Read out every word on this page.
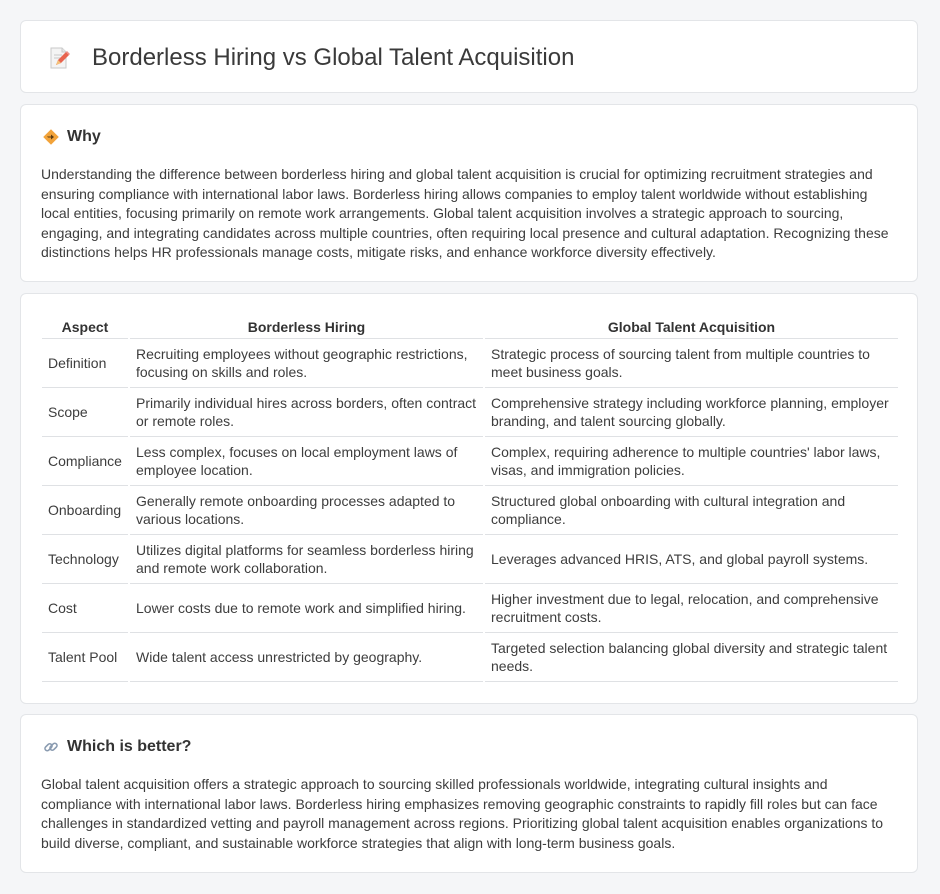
Borderless Hiring vs Global Talent Acquisition
Why

Understanding the difference between borderless hiring and global talent acquisition is crucial for optimizing recruitment strategies and ensuring compliance with international labor laws. Borderless hiring allows companies to employ talent worldwide without establishing local entities, focusing primarily on remote work arrangements. Global talent acquisition involves a strategic approach to sourcing, engaging, and integrating candidates across multiple countries, often requiring local presence and cultural adaptation. Recognizing these distinctions helps HR professionals manage costs, mitigate risks, and enhance workforce diversity effectively.

Aspect	Borderless Hiring	Global Talent Acquisition
Definition	Recruiting employees without geographic restrictions, focusing on skills and roles.	Strategic process of sourcing talent from multiple countries to meet business goals.
Scope	Primarily individual hires across borders, often contract or remote roles.	Comprehensive strategy including workforce planning, employer branding, and talent sourcing globally.
Compliance	Less complex, focuses on local employment laws of employee location.	Complex, requiring adherence to multiple countries' labor laws, visas, and immigration policies.
Onboarding	Generally remote onboarding processes adapted to various locations.	Structured global onboarding with cultural integration and compliance.
Technology	Utilizes digital platforms for seamless borderless hiring and remote work collaboration.	Leverages advanced HRIS, ATS, and global payroll systems.
Cost	Lower costs due to remote work and simplified hiring.	Higher investment due to legal, relocation, and comprehensive recruitment costs.
Talent Pool	Wide talent access unrestricted by geography.	Targeted selection balancing global diversity and strategic talent needs.
Which is better?

Global talent acquisition offers a strategic approach to sourcing skilled professionals worldwide, integrating cultural insights and compliance with international labor laws. Borderless hiring emphasizes removing geographic constraints to rapidly fill roles but can face challenges in standardized vetting and payroll management across regions. Prioritizing global talent acquisition enables organizations to build diverse, compliant, and sustainable workforce strategies that align with long-term business goals.
